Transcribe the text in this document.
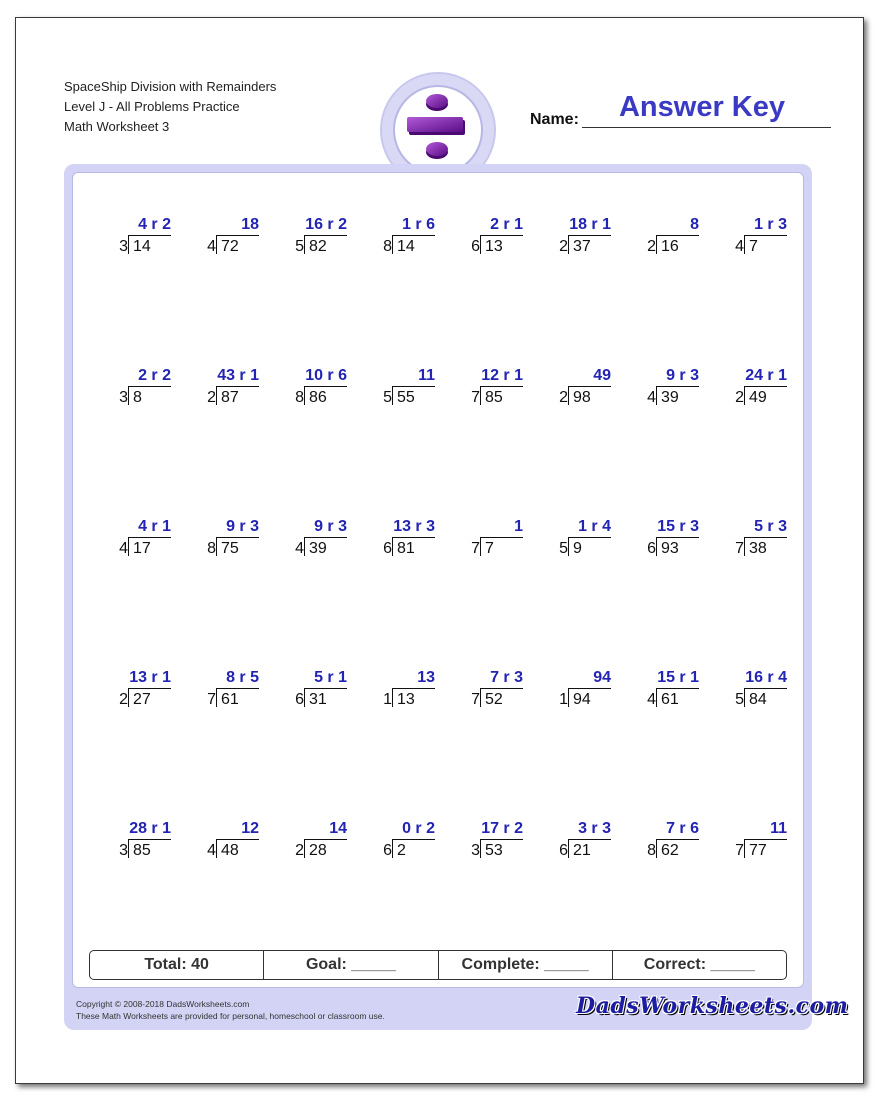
SpaceShip Division with Remainders
Level J - All Problems Practice
Math Worksheet 3	Name:	Answer Key
4 r 2
3 14
18
4 72
16 r 2
5 82
1 r 6
8 14
2 r 1
6 13
18 r 1
2 37
8
2 16
1 r 3
4 7
2 r 2
3 8
43 r 1
2 87
10 r 6
8 86
11
5 55
12 r 1
7 85
49
2 98
9 r 3
4 39
24 r 1
2 49
4 r 1
4 17
9 r 3
8 75
9 r 3
4 39
13 r 3
6 81
1
7 7
1 r 4
5 9
15 r 3
6 93
5 r 3
7 38
13 r 1
2 27
8 r 5
7 61
5 r 1
6 31
13
1 13
7 r 3
7 52
94
1 94
15 r 1
4 61
16 r 4
5 84
28 r 1
3 85
12
4 48
14
2 28
0 r 2
6 2
17 r 2
3 53
3 r 3
6 21
7 r 6
8 62
11
7 77
Total: 40	Goal: _____	Complete: _____	Correct: _____
Copyright © 2008-2018 DadsWorksheets.com
These Math Worksheets are provided for personal, homeschool or classroom use.	DadsWorksheets.com
